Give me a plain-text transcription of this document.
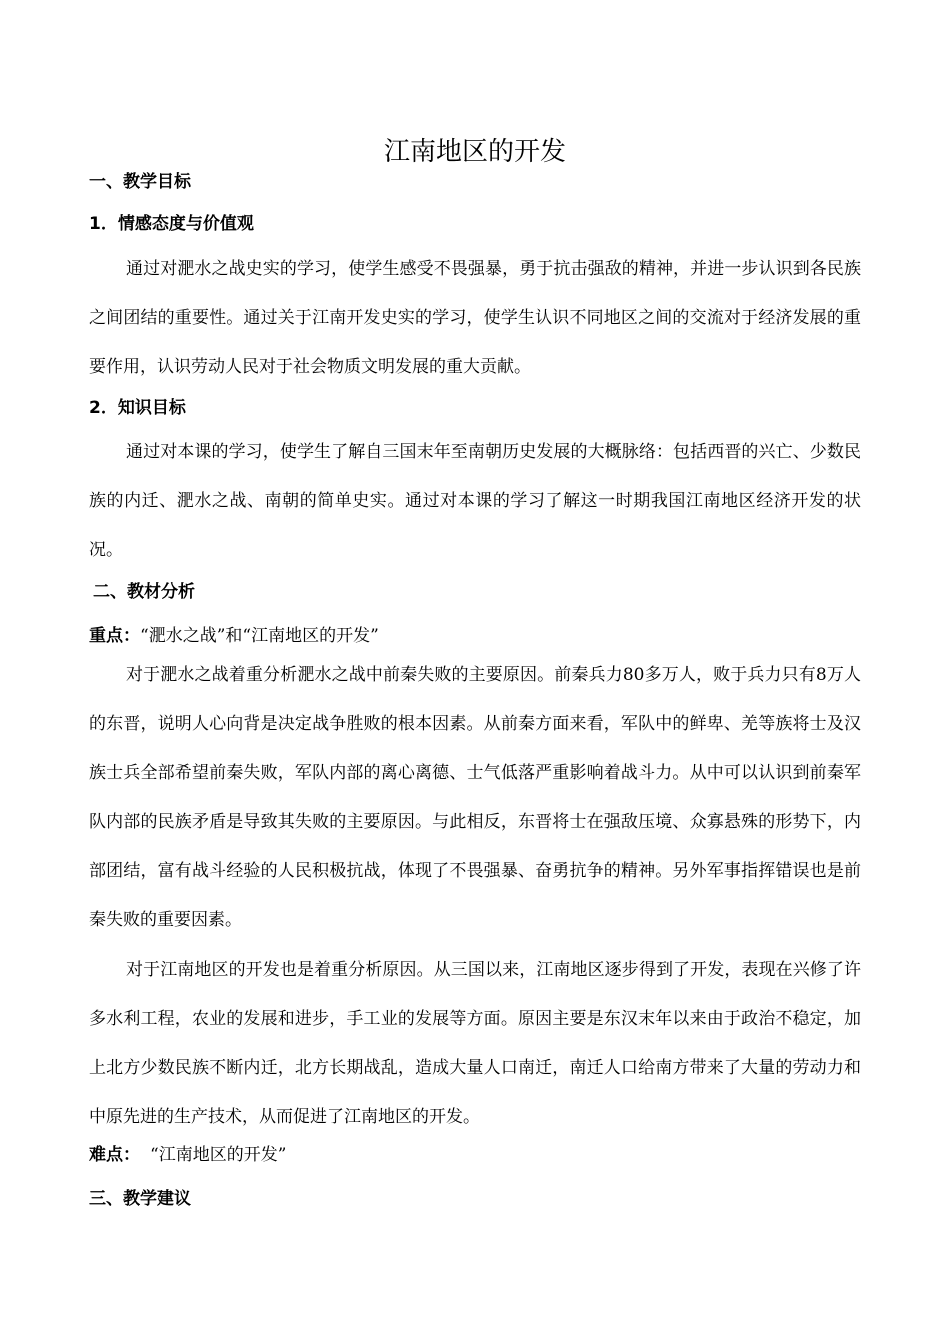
江南地区的开发
一、教学目标
1．情感态度与价值观

通过对淝水之战史实的学习，使学生感受不畏强暴，勇于抗击强敌的精神，并进一步认识到各民族之间团结的重要性。通过关于江南开发史实的学习，使学生认识不同地区之间的交流对于经济发展的重要作用，认识劳动人民对于社会物质文明发展的重大贡献。

2．知识目标

通过对本课的学习，使学生了解自三国末年至南朝历史发展的大概脉络：包括西晋的兴亡、少数民族的内迁、淝水之战、南朝的简单史实。通过对本课的学习了解这一时期我国江南地区经济开发的状况。

二、教材分析
重点：“淝水之战”和“江南地区的开发”

对于淝水之战着重分析淝水之战中前秦失败的主要原因。前秦兵力80多万人，败于兵力只有8万人的东晋，说明人心向背是决定战争胜败的根本因素。从前秦方面来看，军队中的鲜卑、羌等族将士及汉族士兵全部希望前秦失败，军队内部的离心离德、士气低落严重影响着战斗力。从中可以认识到前秦军队内部的民族矛盾是导致其失败的主要原因。与此相反，东晋将士在强敌压境、众寡悬殊的形势下，内部团结，富有战斗经验的人民积极抗战，体现了不畏强暴、奋勇抗争的精神。另外军事指挥错误也是前秦失败的重要因素。

对于江南地区的开发也是着重分析原因。从三国以来，江南地区逐步得到了开发，表现在兴修了许多水利工程，农业的发展和进步，手工业的发展等方面。原因主要是东汉末年以来由于政治不稳定，加上北方少数民族不断内迁，北方长期战乱，造成大量人口南迁，南迁人口给南方带来了大量的劳动力和中原先进的生产技术，从而促进了江南地区的开发。

难点： “江南地区的开发”
三、教学建议
